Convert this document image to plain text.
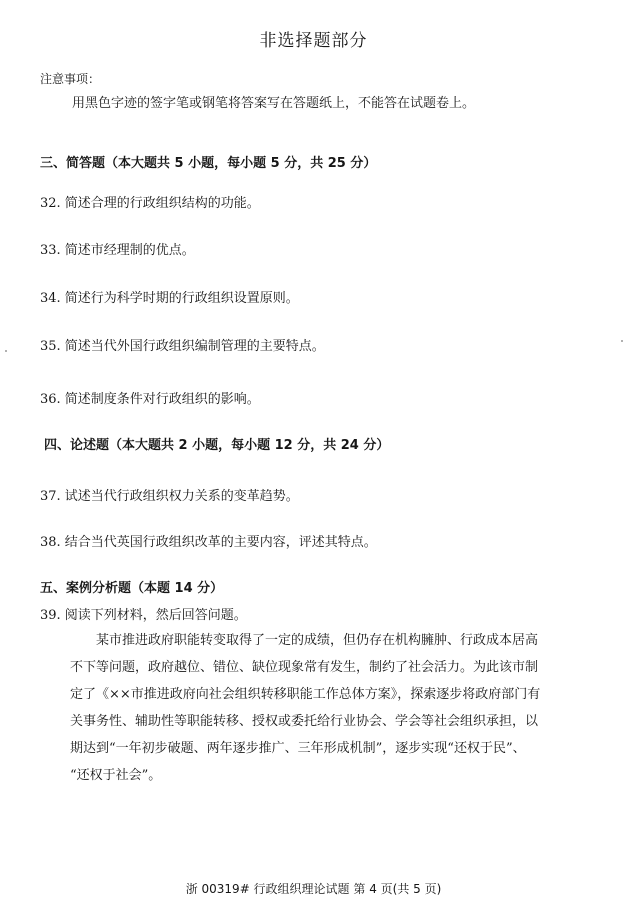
非选择题部分
注意事项：
用黑色字迹的签字笔或钢笔将答案写在答题纸上，不能答在试题卷上。
三、简答题（本大题共 5 小题，每小题 5 分，共 25 分）
32. 简述合理的行政组织结构的功能。
33. 简述市经理制的优点。
34. 简述行为科学时期的行政组织设置原则。
35. 简述当代外国行政组织编制管理的主要特点。
36. 简述制度条件对行政组织的影响。
四、论述题（本大题共 2 小题，每小题 12 分，共 24 分）
37. 试述当代行政组织权力关系的变革趋势。
38. 结合当代英国行政组织改革的主要内容，评述其特点。
五、案例分析题（本题 14 分）
39. 阅读下列材料，然后回答问题。
某市推进政府职能转变取得了一定的成绩，但仍存在机构臃肿、行政成本居高
不下等问题，政府越位、错位、缺位现象常有发生，制约了社会活力。为此该市制
定了《××市推进政府向社会组织转移职能工作总体方案》，探索逐步将政府部门有
关事务性、辅助性等职能转移、授权或委托给行业协会、学会等社会组织承担，以
期达到“一年初步破题、两年逐步推广、三年形成机制”，逐步实现“还权于民”、
“还权于社会”。
浙 00319# 行政组织理论试题 第 4 页(共 5 页)
